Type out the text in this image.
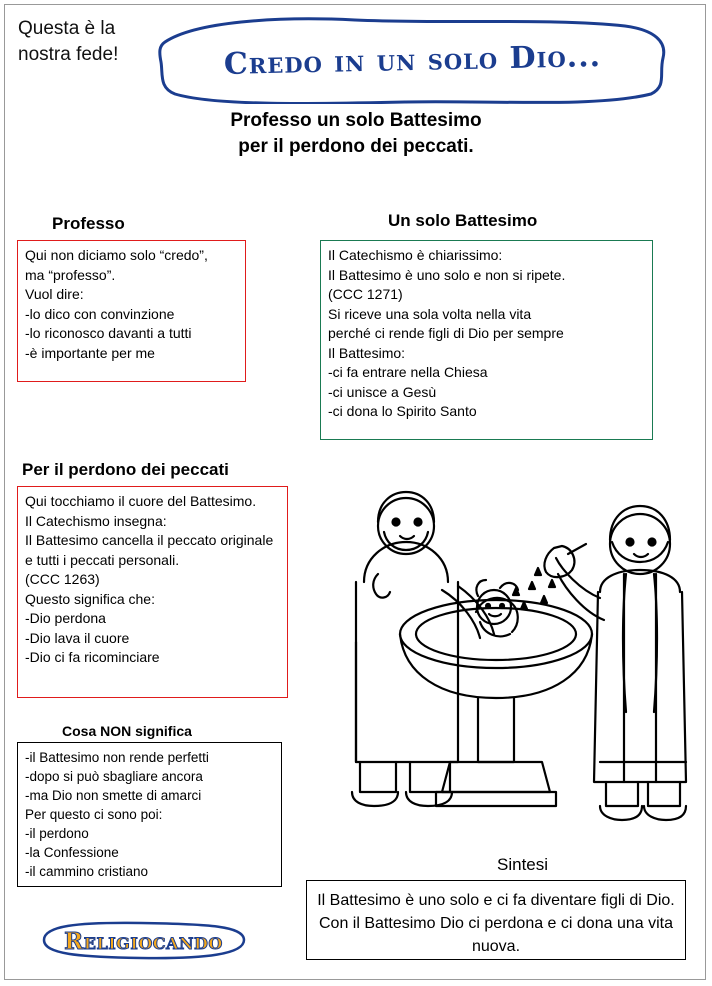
Questa è la nostra fede!	Credo in un solo Dio...
Professo un solo Battesimo
per il perdono dei peccati.
Professo

Qui non diciamo solo “credo”,

ma “professo”.

Vuol dire:

-lo dico con convinzione

-lo riconosco davanti a tutti

-è importante per me

Un solo Battesimo

Il Catechismo è chiarissimo:

Il Battesimo è uno solo e non si ripete.

(CCC 1271)

Si riceve una sola volta nella vita

perché ci rende figli di Dio per sempre

Il Battesimo:

-ci fa entrare nella Chiesa

-ci unisce a Gesù

-ci dona lo Spirito Santo

Per il perdono dei peccati

Qui tocchiamo il cuore del Battesimo.

Il Catechismo insegna:

Il Battesimo cancella il peccato originale

e tutti i peccati personali.

(CCC 1263)

Questo significa che:

-Dio perdona

-Dio lava il cuore

-Dio ci fa ricominciare

Cosa NON significa

-il Battesimo non rende perfetti

-dopo si può sbagliare ancora

-ma Dio non smette di amarci

Per questo ci sono poi:

-il perdono

-la Confessione

-il cammino cristiano	Sintesi
Il Battesimo è uno solo e ci fa diventare figli di Dio. Con il Battesimo Dio ci perdona e ci dona una vita nuova.
Religiocando
